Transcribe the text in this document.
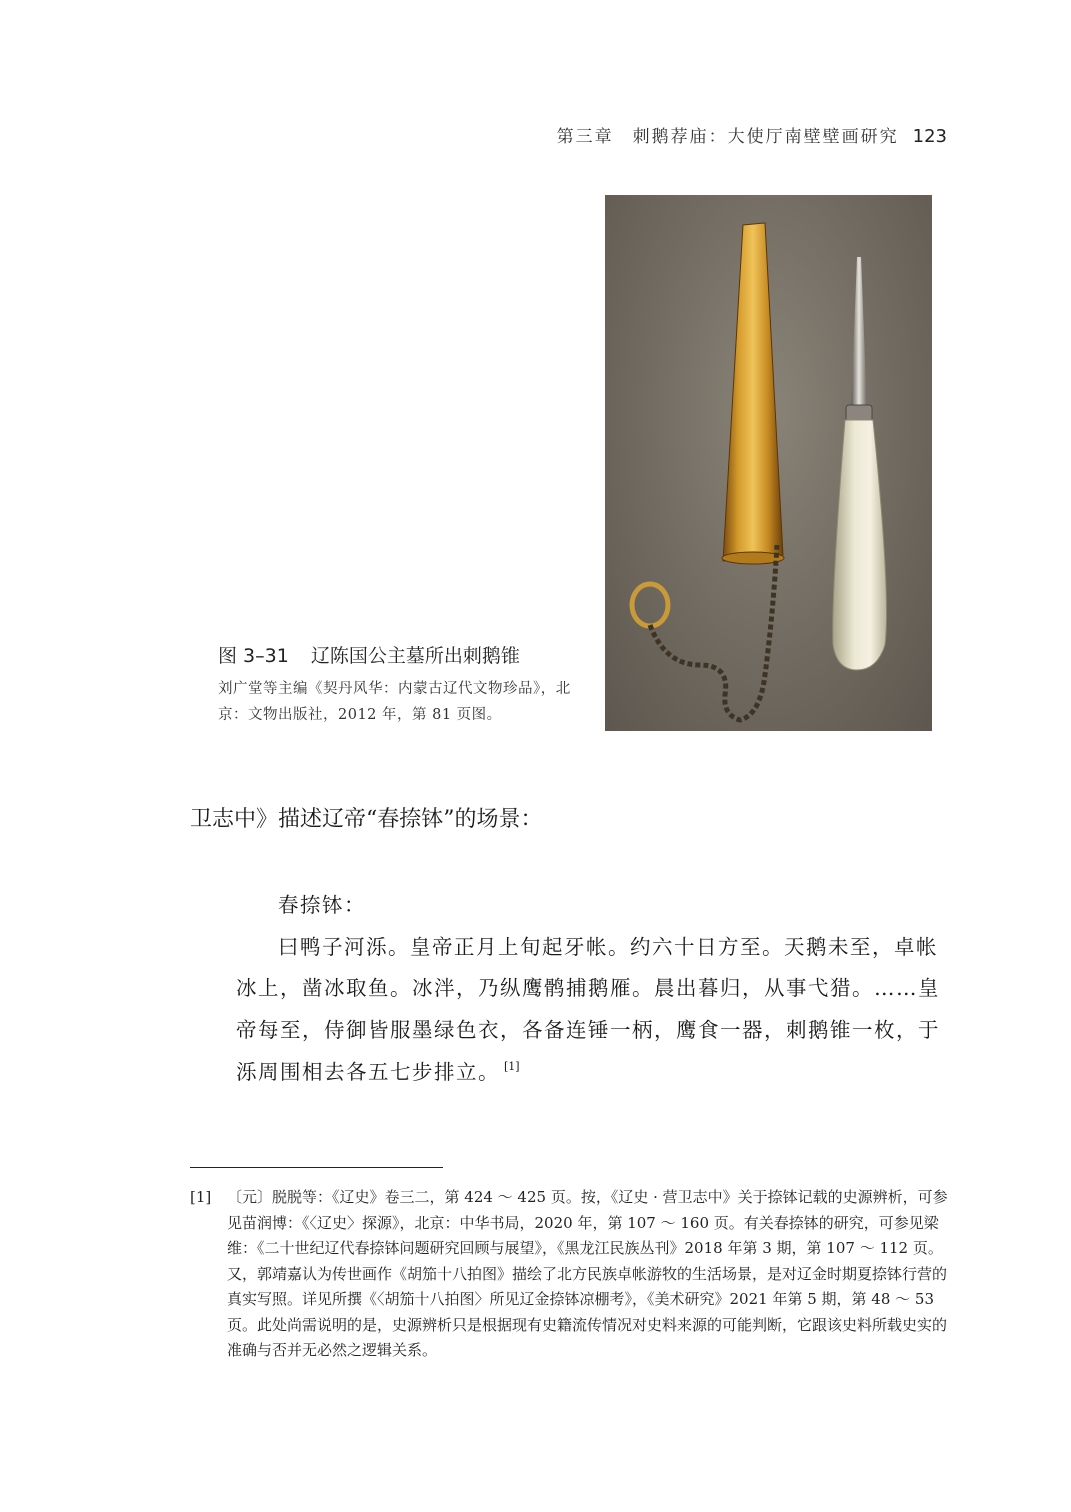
第三章　刺鹅荐庙：大使厅南壁壁画研究 123
图 3–31 辽陈国公主墓所出刺鹅锥
刘广堂等主编《契丹风华：内蒙古辽代文物珍品》，北京：文物出版社，2012 年，第 81 页图。
卫志中》描述辽帝“春捺钵”的场景：
春捺钵：
曰鸭子河泺。皇帝正月上旬起牙帐。约六十日方至。天鹅未至，卓帐
冰上，凿冰取鱼。冰泮，乃纵鹰鹘捕鹅雁。晨出暮归，从事弋猎。……皇
帝每至，侍御皆服墨绿色衣，各备连锤一柄，鹰食一器，刺鹅锥一枚，于
泺周围相去各五七步排立。 [1]
[1] 〔元〕脱脱等：《辽史》卷三二，第 424 ～ 425 页。按，《辽史 · 营卫志中》关于捺钵记载的史源辨析，可参见苗润博：《〈辽史〉探源》，北京：中华书局，2020 年，第 107 ～ 160 页。有关春捺钵的研究，可参见梁维：《二十世纪辽代春捺钵问题研究回顾与展望》，《黑龙江民族丛刊》2018 年第 3 期，第 107 ～ 112 页。又，郭靖嘉认为传世画作《胡笳十八拍图》描绘了北方民族卓帐游牧的生活场景，是对辽金时期夏捺钵行营的真实写照。详见所撰《〈胡笳十八拍图〉所见辽金捺钵凉棚考》，《美术研究》2021 年第 5 期，第 48 ～ 53 页。此处尚需说明的是，史源辨析只是根据现有史籍流传情况对史料来源的可能判断，它跟该史料所载史实的准确与否并无必然之逻辑关系。
